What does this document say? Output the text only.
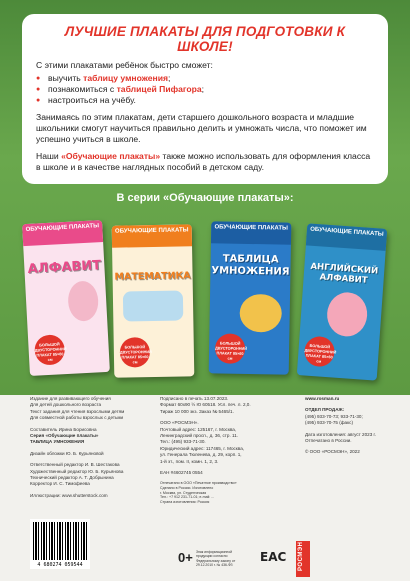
ЛУЧШИЕ ПЛАКАТЫ ДЛЯ ПОДГОТОВКИ К ШКОЛЕ!
С этими плакатами ребёнок быстро сможет:
● выучить таблицу умножения;
● познакомиться с таблицей Пифагора;
● настроиться на учёбу.
Занимаясь по этим плакатам, дети старшего дошкольного возраста и младшие школьники смогут научиться правильно делить и умножать числа, что поможет им успешно учиться в школе.
Наши «Обучающие плакаты» также можно использовать для оформления класса в школе и в качестве наглядных пособий в детском саду.
В серии «Обучающие плакаты»:
ОБУЧАЮЩИЕ ПЛАКАТЫ
АЛФАВИТ
БОЛЬШОЙ ДВУСТОРОННИЙ ПЛАКАТ 85×60 см
ОБУЧАЮЩИЕ ПЛАКАТЫ
МАТЕМАТИКА
БОЛЬШОЙ ДВУСТОРОННИЙ ПЛАКАТ 85×60 см
ОБУЧАЮЩИЕ ПЛАКАТЫ
ТАБЛИЦА УМНОЖЕНИЯ
БОЛЬШОЙ ДВУСТОРОННИЙ ПЛАКАТ 85×60 см
ОБУЧАЮЩИЕ ПЛАКАТЫ
АНГЛИЙСКИЙ АЛФАВИТ
БОЛЬШОЙ ДВУСТОРОННИЙ ПЛАКАТ 85×60 см
Издание для развивающего обучения
Для детей дошкольного возраста
Текст задания для чтения взрослыми детям
Для совместной работы взрослых с детьми
Составитель Ирина Борисовна
Серия «Обучающие плакаты»
ТАБЛИЦА УМНОЖЕНИЯ
Дизайн обложки Ю. Б. Курьяновой
Ответственный редактор И. В. Шестакова
Художественный редактор Ю. Б. Курьянова
Технический редактор А. Т. Добрынина
Корректор И. С. Тимофеева
Иллюстрации: www.shutterstock.com
Подписано в печать 13.07.2023.
Формат 60х90 ½ Ю 60518. Усл. печ. л. 2,0.
Тираж 10 000 экз. Заказ № 5465/1.
ООО «РОСМЭН».
Почтовый адрес: 125167, г. Москва,
Ленинградский просп., д. 36, стр. 11.
Тел.: (495) 933-71-30.
Юридический адрес: 117465, г. Москва,
ул. Генерала Тюленева, д. 29, корп. 1,
1-й эт., пом. II, комн. 1, 2, 3.
ЕАН #4602745 0554
Отпечатано в ООО «Печатное производство»
Сделано в России. Изготовлено
г. Москва, ул. Студенческая
Тел.: +7 912 231-71-01; e-mail: ...
Страна изготовления: Россия
www.rosman.ru
ОТДЕЛ ПРОДАЖ:
(495) 933-70-73; 933-71-30;
(495) 933-70-75 (факс)
Дата изготовления: август 2023 г.
Отпечатано в России.
© ООО «РОСМЭН», 2022
4 680274 059544	0+ Знак информационной продукции согласно Федеральному закону от 29.12.2010 г. № 436-ФЗ
EAC РОСМЭН
